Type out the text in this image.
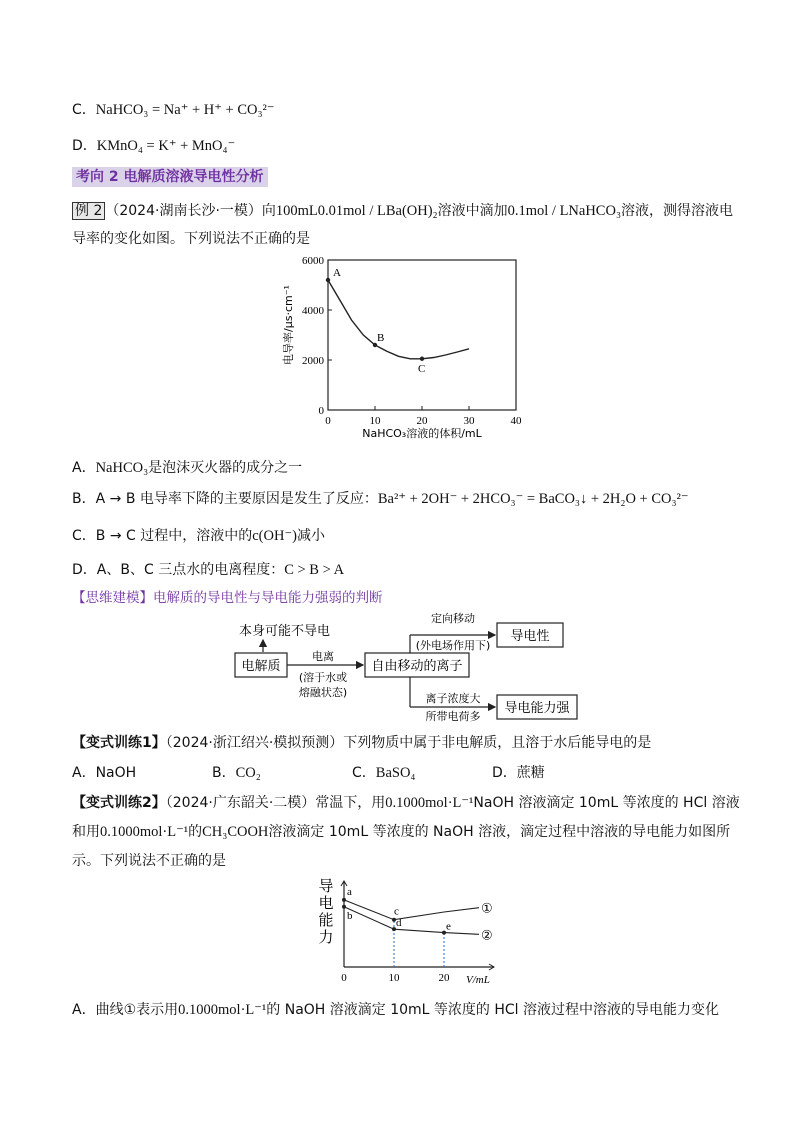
C．NaHCO₃ = Na⁺ + H⁺ + CO₃²⁻
D．KMnO₄ = K⁺ + MnO₄⁻
考向 2 电解质溶液导电性分析
例 2 （2024·湖南长沙·一模）向100mL0.01mol / LBa(OH)₂溶液中滴加0.1mol / LNaHCO₃溶液，测得溶液电
导率的变化如图。下列说法不正确的是
0	10	20	30	40
0
2000
4000
6000
NaHCO₃溶液的体积/mL
电导率/μs·cm⁻¹
A
B
C
A．NaHCO₃是泡沫灭火器的成分之一
B．A → B 电导率下降的主要原因是发生了反应：Ba²⁺ + 2OH⁻ + 2HCO₃⁻ = BaCO₃↓ + 2H₂O + CO₃²⁻
C．B → C 过程中，溶液中的c(OH⁻)减小
D．A、B、C 三点水的电离程度：C > B > A
【思维建模】电解质的导电性与导电能力强弱的判断
本身可能不导电
电解质
电离
(溶于水或
熔融状态)
自由移动的离子
定向移动
(外电场作用下)
离子浓度大
所带电荷多
导电性
导电能力强
【变式训练1】（2024·浙江绍兴·模拟预测）下列物质中属于非电解质，且溶于水后能导电的是
A．NaOH	B．CO₂	C．BaSO₄	D．蔗糖
【变式训练2】（2024·广东韶关·二模）常温下，用0.1000mol·L⁻¹NaOH 溶液滴定 10mL 等浓度的 HCl 溶液
和用0.1000mol·L⁻¹的CH₃COOH溶液滴定 10mL 等浓度的 NaOH 溶液，滴定过程中溶液的导电能力如图所
示。下列说法不正确的是
导
电
能
力
0	10	20 V/mL
①
②
a
b	c
d	e
A．曲线①表示用0.1000mol·L⁻¹的 NaOH 溶液滴定 10mL 等浓度的 HCl 溶液过程中溶液的导电能力变化
